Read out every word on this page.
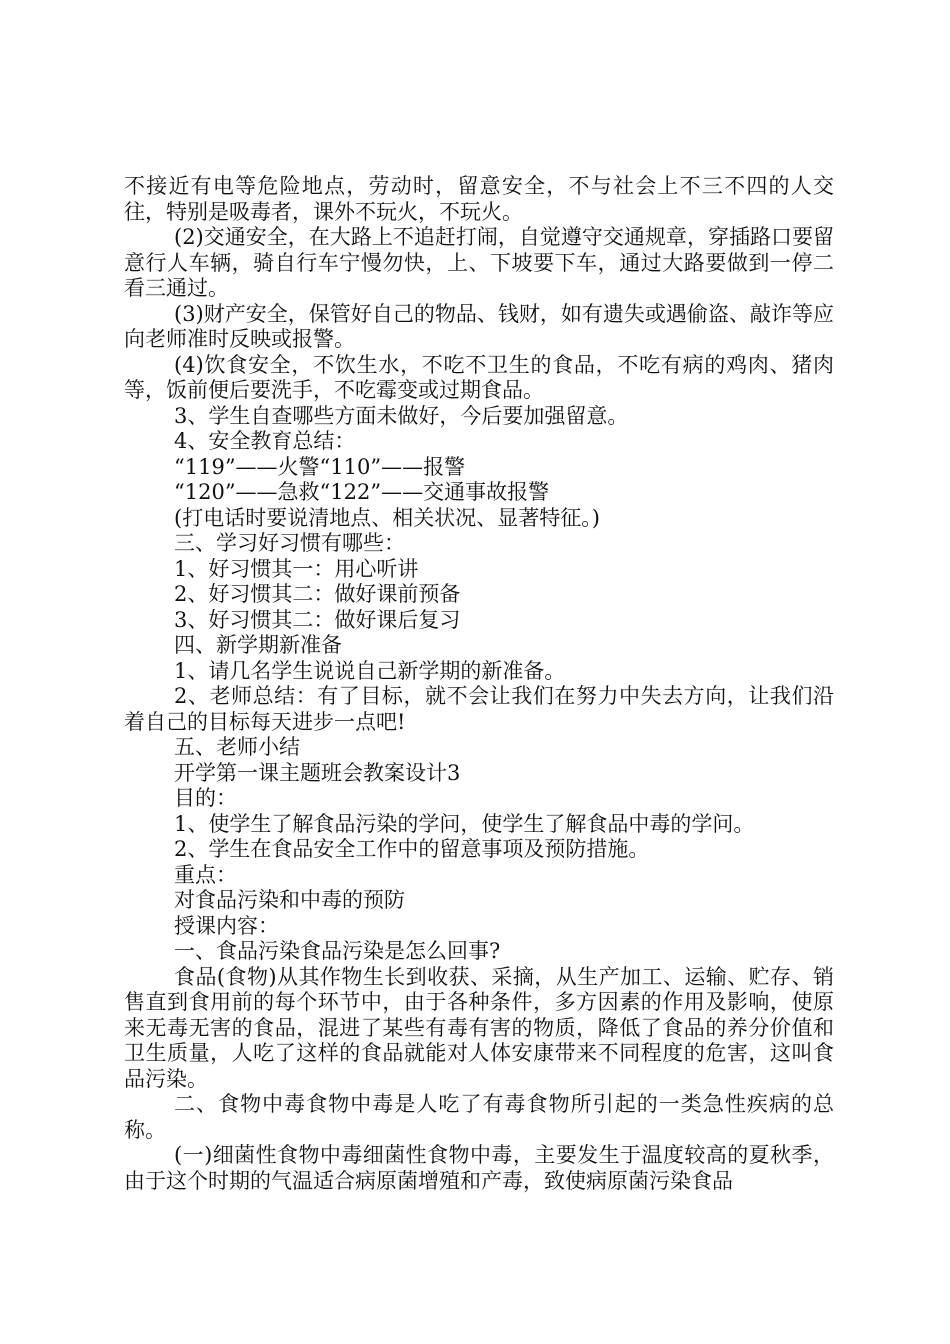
不接近有电等危险地点，劳动时，留意安全，不与社会上不三不四的人交往，特别是吸毒者，课外不玩火，不玩火。

(2)交通安全，在大路上不追赶打闹，自觉遵守交通规章，穿插路口要留意行人车辆，骑自行车宁慢勿快，上、下坡要下车，通过大路要做到一停二看三通过。

(3)财产安全，保管好自己的物品、钱财，如有遗失或遇偷盗、敲诈等应向老师准时反映或报警。

(4)饮食安全，不饮生水，不吃不卫生的食品，不吃有病的鸡肉、猪肉等，饭前便后要洗手，不吃霉变或过期食品。

3、学生自查哪些方面未做好，今后要加强留意。

4、安全教育总结：

“119”——火警“110”——报警

“120”——急救“122”——交通事故报警

(打电话时要说清地点、相关状况、显著特征。)

三、学习好习惯有哪些：

1、好习惯其一：用心听讲

2、好习惯其二：做好课前预备

3、好习惯其二：做好课后复习

四、新学期新准备

1、请几名学生说说自己新学期的新准备。

2、老师总结：有了目标，就不会让我们在努力中失去方向，让我们沿着自己的目标每天进步一点吧!

五、老师小结

开学第一课主题班会教案设计3

目的：

1、使学生了解食品污染的学问，使学生了解食品中毒的学问。

2、学生在食品安全工作中的留意事项及预防措施。

重点：

对食品污染和中毒的预防

授课内容：

一、食品污染食品污染是怎么回事?

食品(食物)从其作物生长到收获、采摘，从生产加工、运输、贮存、销售直到食用前的每个环节中，由于各种条件，多方因素的作用及影响，使原来无毒无害的食品，混进了某些有毒有害的物质，降低了食品的养分价值和卫生质量，人吃了这样的食品就能对人体安康带来不同程度的危害，这叫食品污染。

二、食物中毒食物中毒是人吃了有毒食物所引起的一类急性疾病的总称。

(一)细菌性食物中毒细菌性食物中毒，主要发生于温度较高的夏秋季，由于这个时期的气温适合病原菌增殖和产毒，致使病原菌污染食品
